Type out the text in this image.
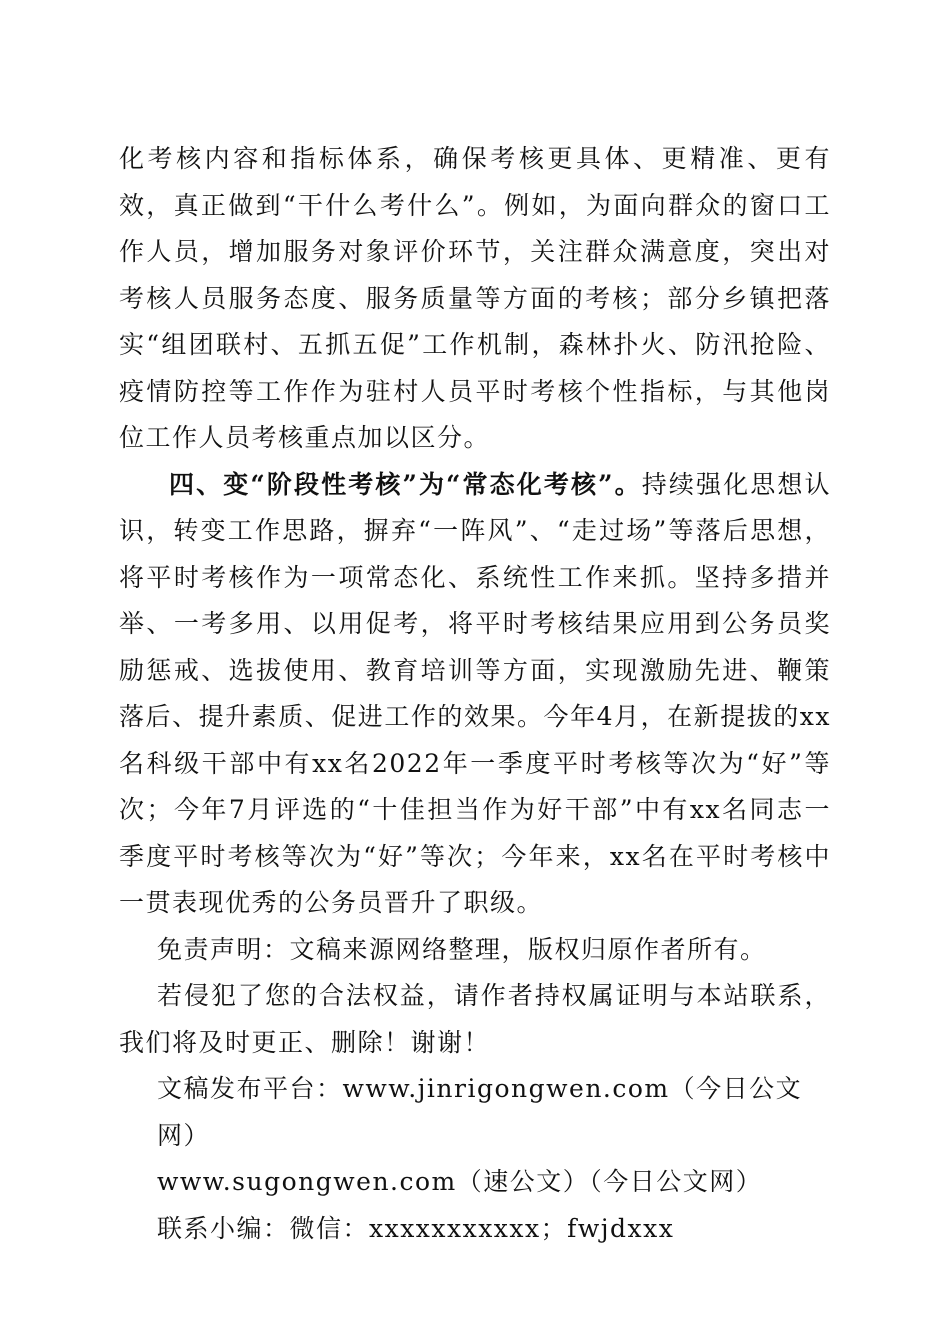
化考核内容和指标体系，确保考核更具体、更精准、更有效，真正做到“干什么考什么”。例如，为面向群众的窗口工作人员，增加服务对象评价环节，关注群众满意度，突出对考核人员服务态度、服务质量等方面的考核；部分乡镇把落实“组团联村、五抓五促”工作机制，森林扑火、防汛抢险、疫情防控等工作作为驻村人员平时考核个性指标，与其他岗位工作人员考核重点加以区分。

四、变“阶段性考核”为“常态化考核”。持续强化思想认识，转变工作思路，摒弃“一阵风”、“走过场”等落后思想，将平时考核作为一项常态化、系统性工作来抓。坚持多措并举、一考多用、以用促考，将平时考核结果应用到公务员奖励惩戒、选拔使用、教育培训等方面，实现激励先进、鞭策落后、提升素质、促进工作的效果。今年4月，在新提拔的xx名科级干部中有xx名2022年一季度平时考核等次为“好”等次；今年7月评选的“十佳担当作为好干部”中有xx名同志一季度平时考核等次为“好”等次；今年来，xx名在平时考核中一贯表现优秀的公务员晋升了职级。

免责声明：文稿来源网络整理，版权归原作者所有。

若侵犯了您的合法权益，请作者持权属证明与本站联系，我们将及时更正、删除！谢谢！

文稿发布平台：www.jinrigongwen.com（今日公文网）
www.sugongwen.com（速公文）（今日公文网）
联系小编：微信：xxxxxxxxxxx；fwjdxxx
